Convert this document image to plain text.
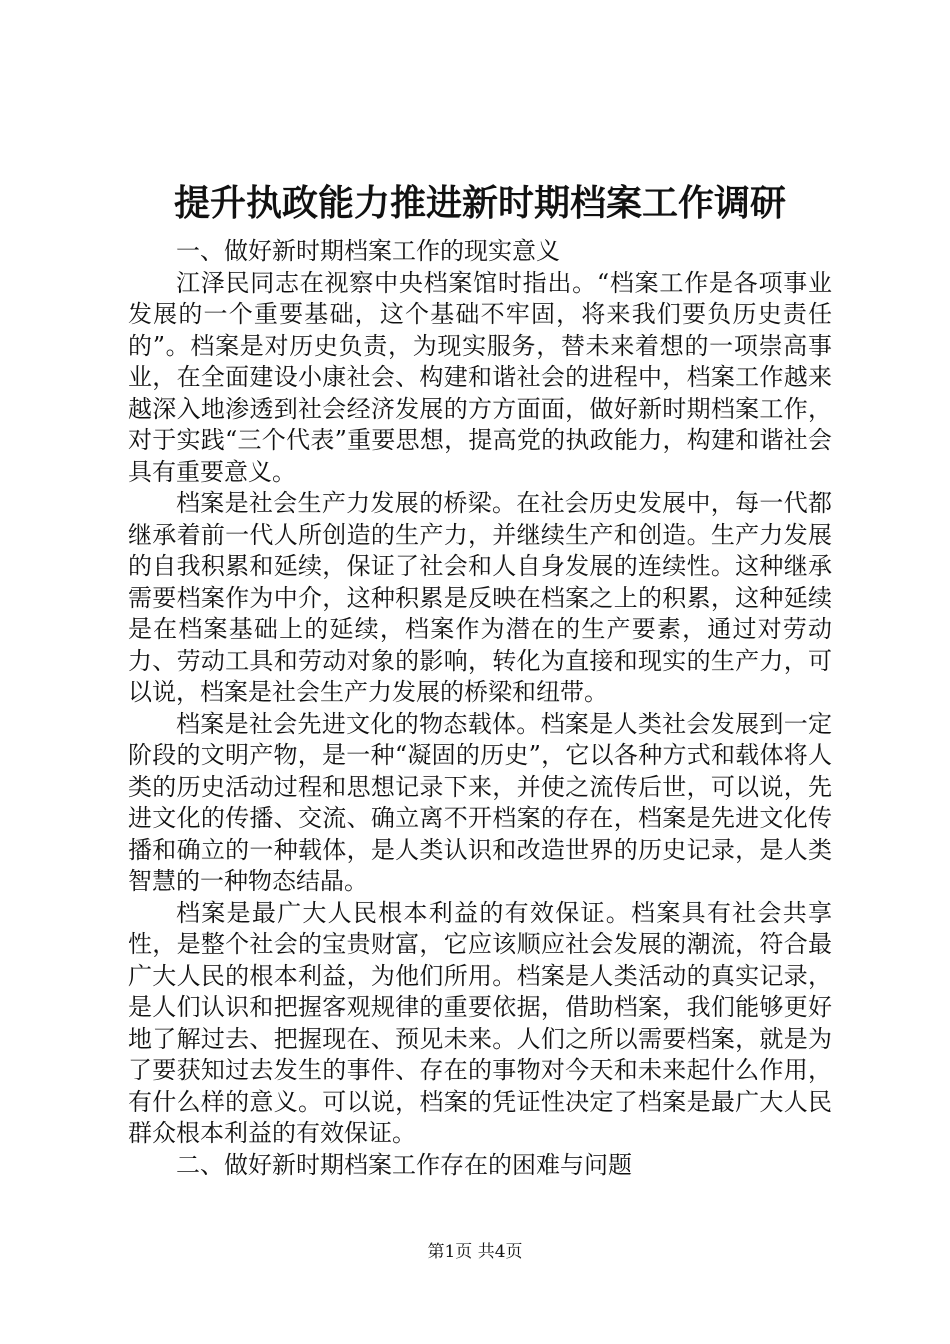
提升执政能力推进新时期档案工作调研

一、做好新时期档案工作的现实意义

江泽民同志在视察中央档案馆时指出。“档案工作是各项事业发展的一个重要基础，这个基础不牢固，将来我们要负历史责任的”。档案是对历史负责，为现实服务，替未来着想的一项崇高事业，在全面建设小康社会、构建和谐社会的进程中，档案工作越来越深入地渗透到社会经济发展的方方面面，做好新时期档案工作，对于实践“三个代表”重要思想，提高党的执政能力，构建和谐社会具有重要意义。

档案是社会生产力发展的桥梁。在社会历史发展中，每一代都继承着前一代人所创造的生产力，并继续生产和创造。生产力发展的自我积累和延续，保证了社会和人自身发展的连续性。这种继承需要档案作为中介，这种积累是反映在档案之上的积累，这种延续是在档案基础上的延续，档案作为潜在的生产要素，通过对劳动力、劳动工具和劳动对象的影响，转化为直接和现实的生产力，可以说，档案是社会生产力发展的桥梁和纽带。

档案是社会先进文化的物态载体。档案是人类社会发展到一定阶段的文明产物，是一种“凝固的历史”，它以各种方式和载体将人类的历史活动过程和思想记录下来，并使之流传后世，可以说，先进文化的传播、交流、确立离不开档案的存在，档案是先进文化传播和确立的一种载体，是人类认识和改造世界的历史记录，是人类智慧的一种物态结晶。

档案是最广大人民根本利益的有效保证。档案具有社会共享性，是整个社会的宝贵财富，它应该顺应社会发展的潮流，符合最广大人民的根本利益，为他们所用。档案是人类活动的真实记录，是人们认识和把握客观规律的重要依据，借助档案，我们能够更好地了解过去、把握现在、预见未来。人们之所以需要档案，就是为了要获知过去发生的事件、存在的事物对今天和未来起什么作用，有什么样的意义。可以说，档案的凭证性决定了档案是最广大人民群众根本利益的有效保证。

二、做好新时期档案工作存在的困难与问题

第1页 共4页
